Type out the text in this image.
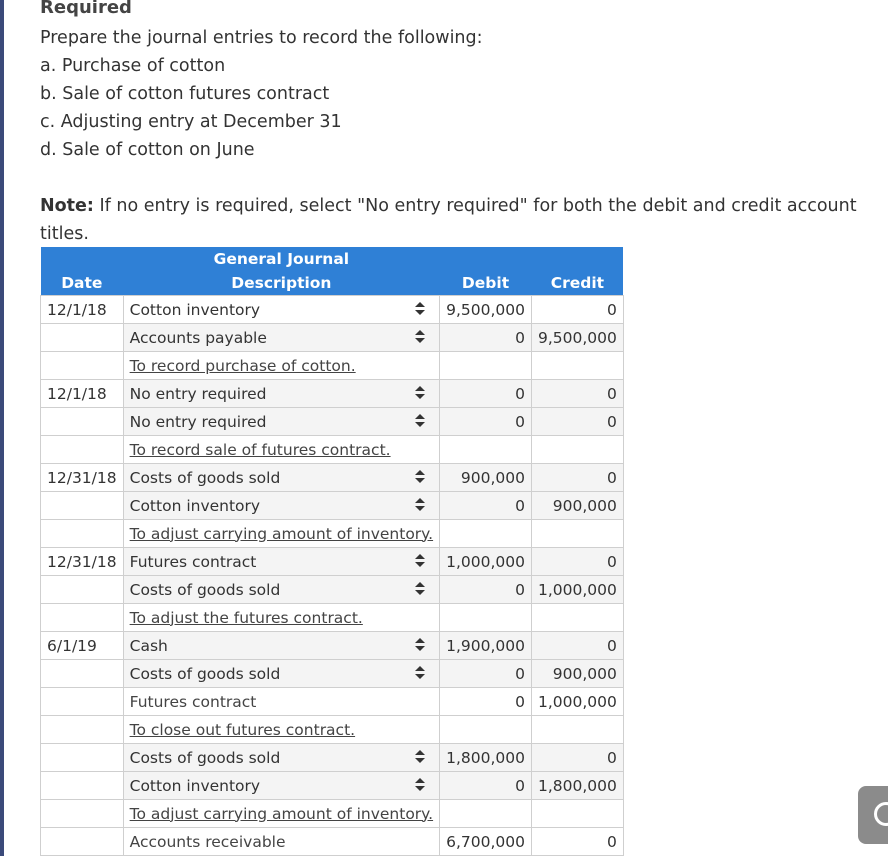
Required
Prepare the journal entries to record the following:
a. Purchase of cotton
b. Sale of cotton futures contract
c. Adjusting entry at December 31
d. Sale of cotton on June
Note: If no entry is required, select "No entry required" for both the debit and credit account titles.
	General Journal		
Date	Description	Debit	Credit
12/1/18	Cotton inventory	9,500,000	0
	Accounts payable	0	9,500,000
	To record purchase of cotton.		
12/1/18	No entry required	0	0
	No entry required	0	0
	To record sale of futures contract.		
12/31/18	Costs of goods sold	900,000	0
	Cotton inventory	0	900,000
	To adjust carrying amount of inventory.		
12/31/18	Futures contract	1,000,000	0
	Costs of goods sold	0	1,000,000
	To adjust the futures contract.		
6/1/19	Cash	1,900,000	0
	Costs of goods sold	0	900,000
	Futures contract	0	1,000,000
	To close out futures contract.		
	Costs of goods sold	1,800,000	0
	Cotton inventory	0	1,800,000
	To adjust carrying amount of inventory.		
	Accounts receivable	6,700,000	0
